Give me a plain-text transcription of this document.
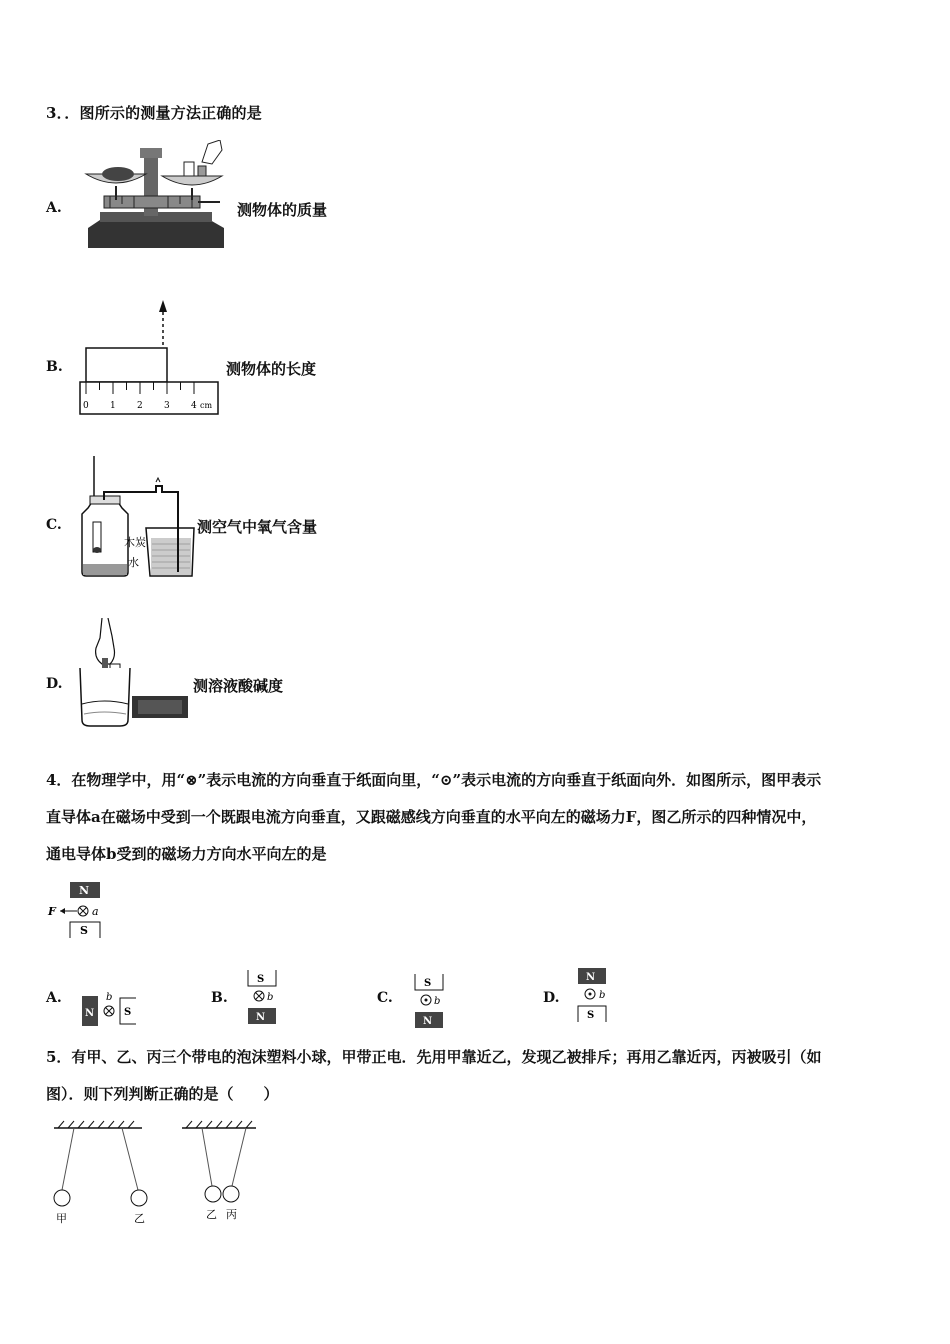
3．．图所示的测量方法正确的是
A.	测物体的质量
B.
0 1 2 3 4 cm
测物体的长度
C.
木炭
水
测空气中氧气含量
D.	测溶液酸碱度
4．在物理学中，用“⊗”表示电流的方向垂直于纸面向里，“⊙”表示电流的方向垂直于纸面向外．如图所示，图甲表示
直导体a在磁场中受到一个既跟电流方向垂直，又跟磁感线方向垂直的水平向左的磁场力F，图乙所示的四种情况中，
通电导体b受到的磁场力方向水平向左的是
N
F	a
S
A.
N
b
S
B.
S
b
N
C.
S
b
N
D.
N
b
S
5．有甲、乙、丙三个带电的泡沫塑料小球，甲带正电．先用甲靠近乙，发现乙被排斥；再用乙靠近丙，丙被吸引（如
图）．则下列判断正确的是（　　）
甲	乙	乙 丙
